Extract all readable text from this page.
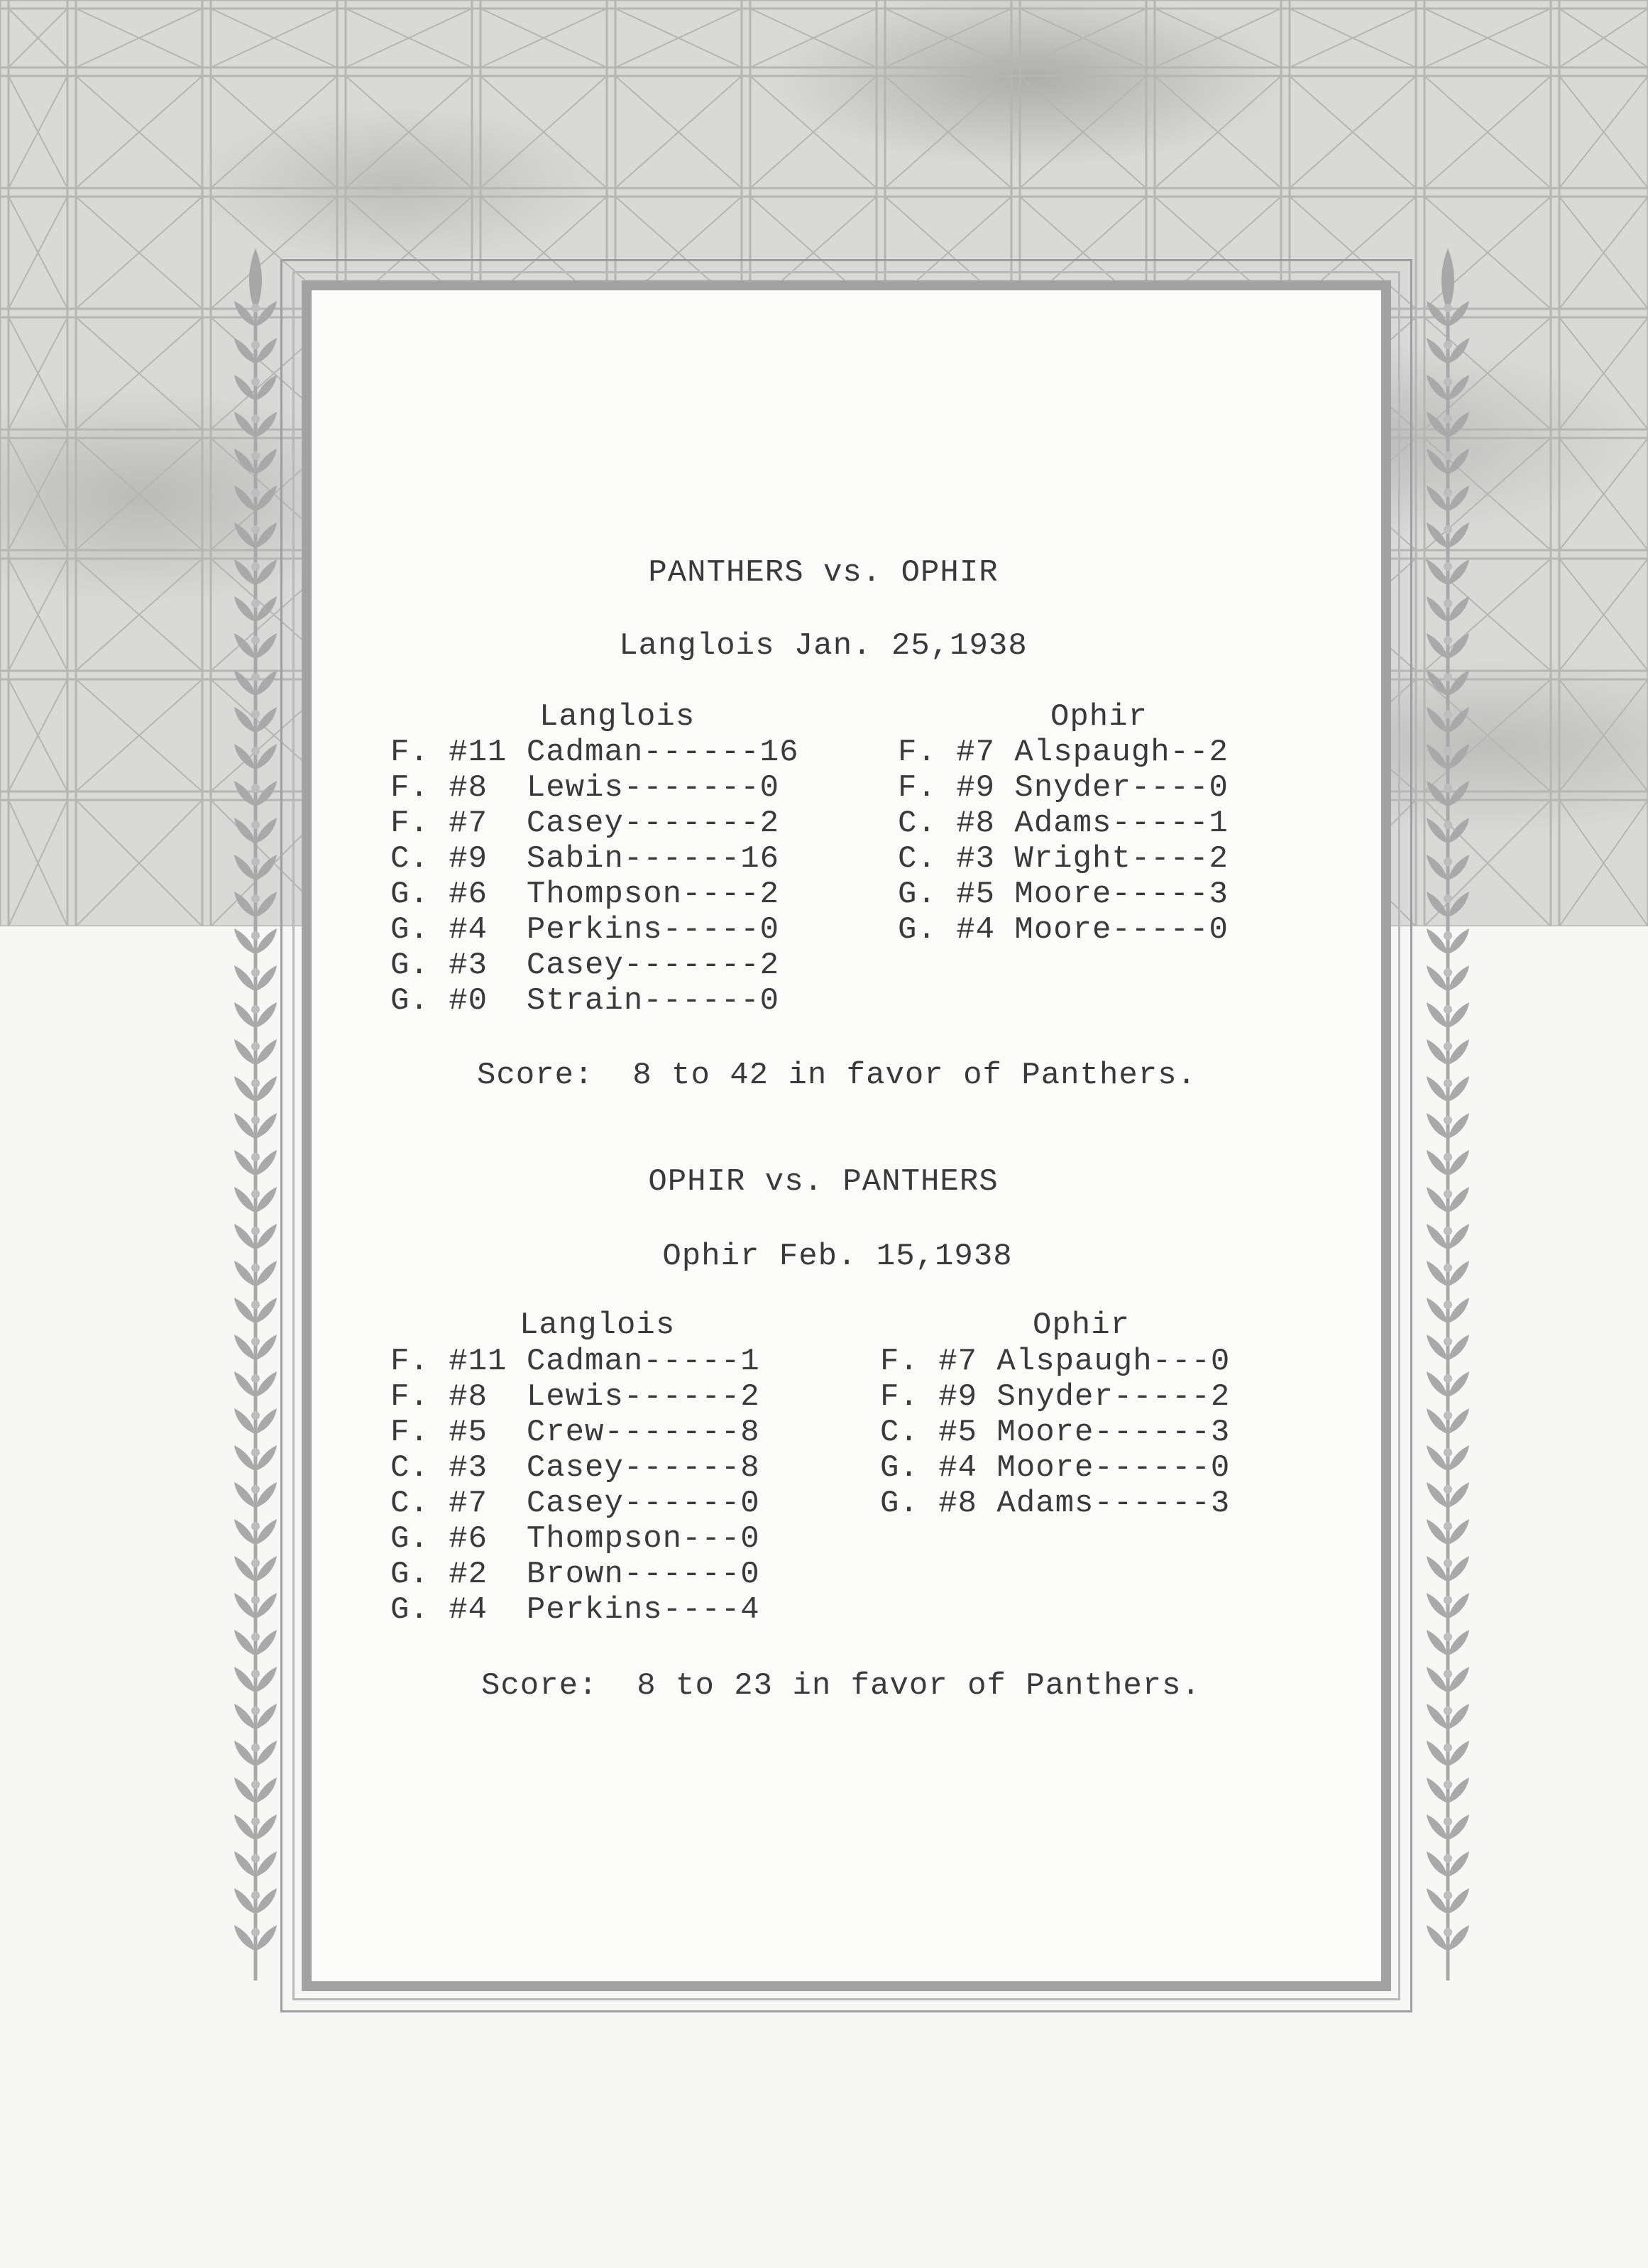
PANTHERS vs. OPHIR
Langlois Jan. 25,1938
Langlois	Ophir
F. #11 Cadman------16
F. #8  Lewis-------0
F. #7  Casey-------2
C. #9  Sabin------16
G. #6  Thompson----2
G. #4  Perkins-----0
G. #3  Casey-------2
G. #0  Strain------0
F. #7 Alspaugh--2
F. #9 Snyder----0
C. #8 Adams-----1
C. #3 Wright----2
G. #5 Moore-----3
G. #4 Moore-----0
Score:  8 to 42 in favor of Panthers.
OPHIR vs. PANTHERS
Ophir Feb. 15,1938
Langlois	Ophir
F. #11 Cadman-----1
F. #8  Lewis------2
F. #5  Crew-------8
C. #3  Casey------8
C. #7  Casey------0
G. #6  Thompson---0
G. #2  Brown------0
G. #4  Perkins----4
F. #7 Alspaugh---0
F. #9 Snyder-----2
C. #5 Moore------3
G. #4 Moore------0
G. #8 Adams------3
Score:  8 to 23 in favor of Panthers.
